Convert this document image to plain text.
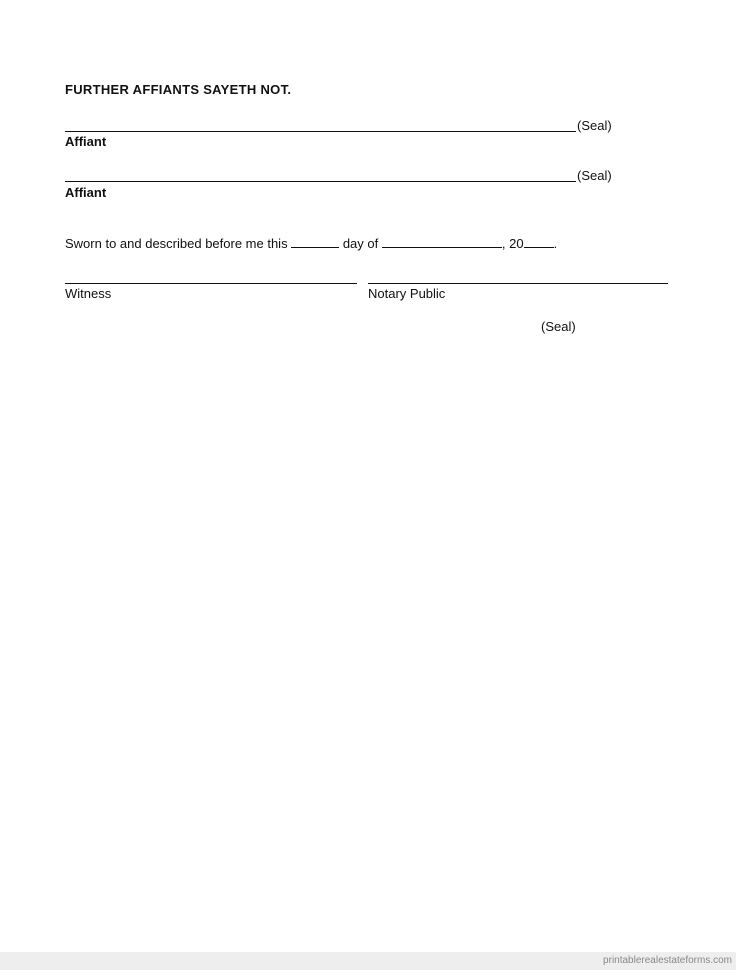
FURTHER AFFIANTS SAYETH NOT.
(Seal)
Affiant
(Seal)
Affiant
Sworn to and described before me this	day of	, 20 .
Witness	Notary Public
(Seal)
printablerealestateforms.com
